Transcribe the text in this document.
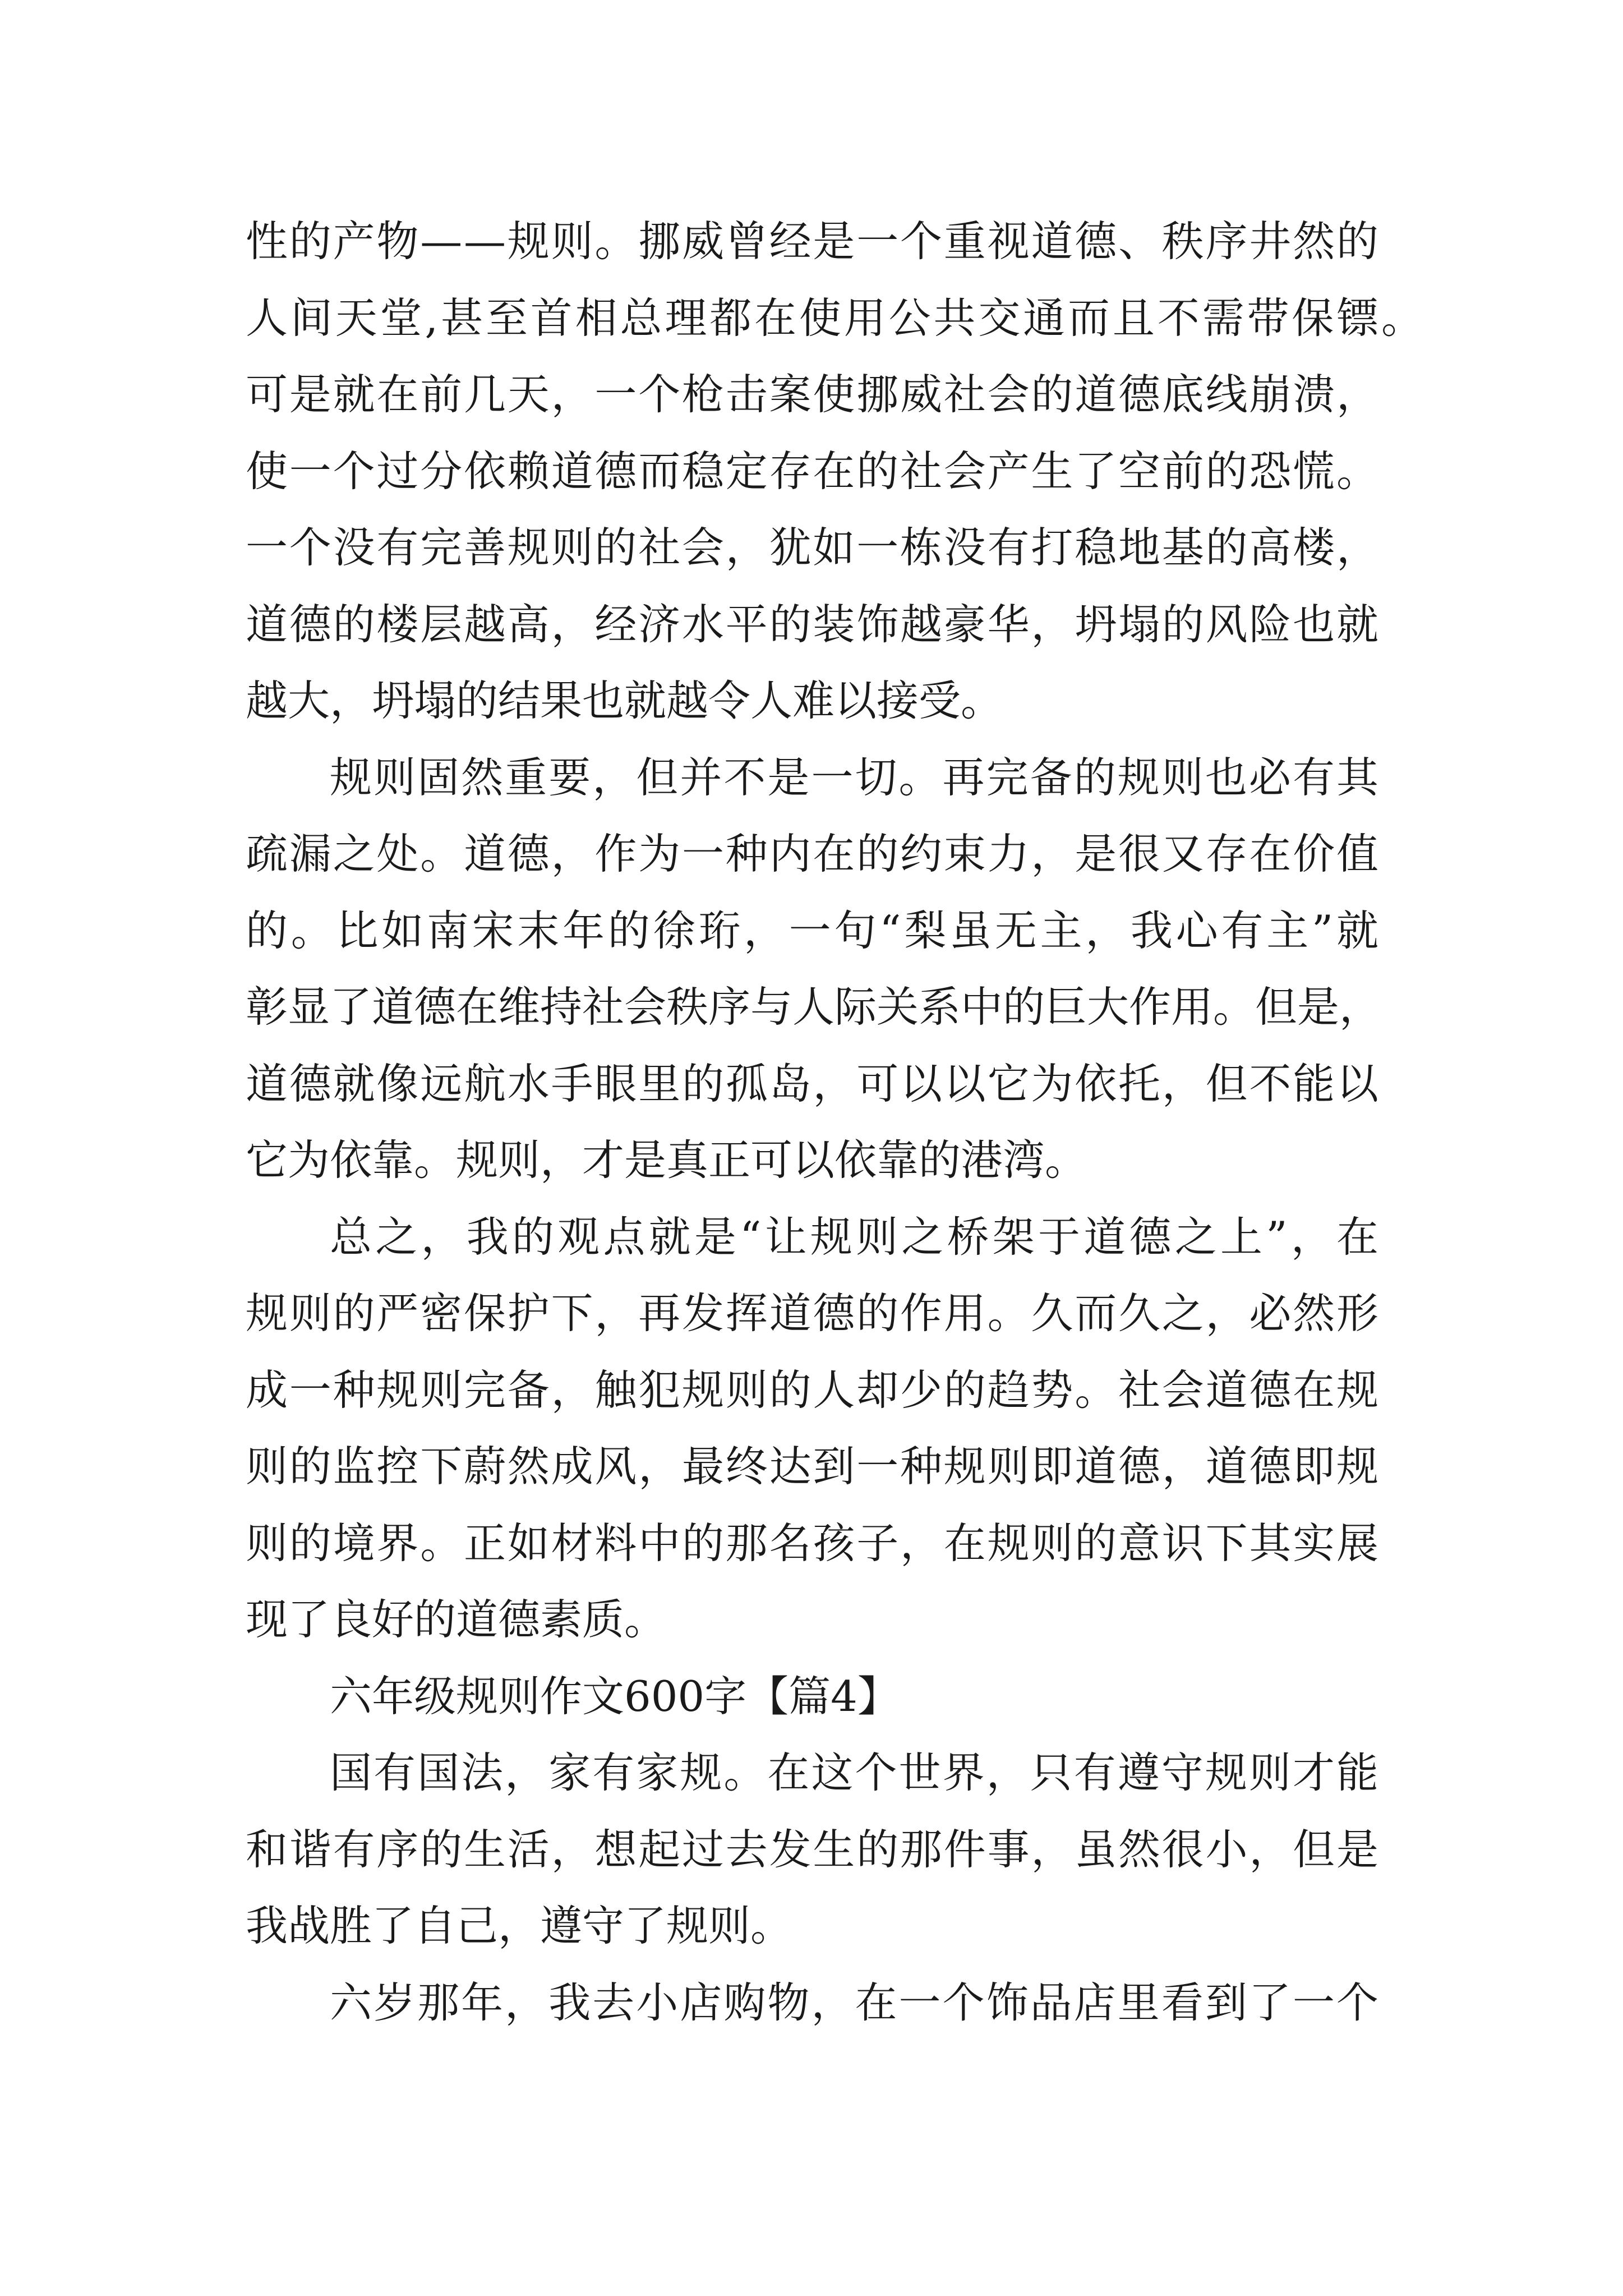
性的产物——规则。挪威曾经是一个重视道德、秩序井然的
人间天堂,甚至首相总理都在使用公共交通而且不需带保镖。
可是就在前几天，一个枪击案使挪威社会的道德底线崩溃，
使一个过分依赖道德而稳定存在的社会产生了空前的恐慌。
一个没有完善规则的社会，犹如一栋没有打稳地基的高楼，
道德的楼层越高，经济水平的装饰越豪华，坍塌的风险也就
越大，坍塌的结果也就越令人难以接受。
规则固然重要，但并不是一切。再完备的规则也必有其
疏漏之处。道德，作为一种内在的约束力，是很又存在价值
的。比如南宋末年的徐珩，一句“梨虽无主，我心有主”就
彰显了道德在维持社会秩序与人际关系中的巨大作用。但是，
道德就像远航水手眼里的孤岛，可以以它为依托，但不能以
它为依靠。规则，才是真正可以依靠的港湾。
总之，我的观点就是“让规则之桥架于道德之上”，在
规则的严密保护下，再发挥道德的作用。久而久之，必然形
成一种规则完备，触犯规则的人却少的趋势。社会道德在规
则的监控下蔚然成风，最终达到一种规则即道德，道德即规
则的境界。正如材料中的那名孩子，在规则的意识下其实展
现了良好的道德素质。
六年级规则作文600字【篇4】
国有国法，家有家规。在这个世界，只有遵守规则才能
和谐有序的生活，想起过去发生的那件事，虽然很小，但是
我战胜了自己，遵守了规则。
六岁那年，我去小店购物，在一个饰品店里看到了一个
